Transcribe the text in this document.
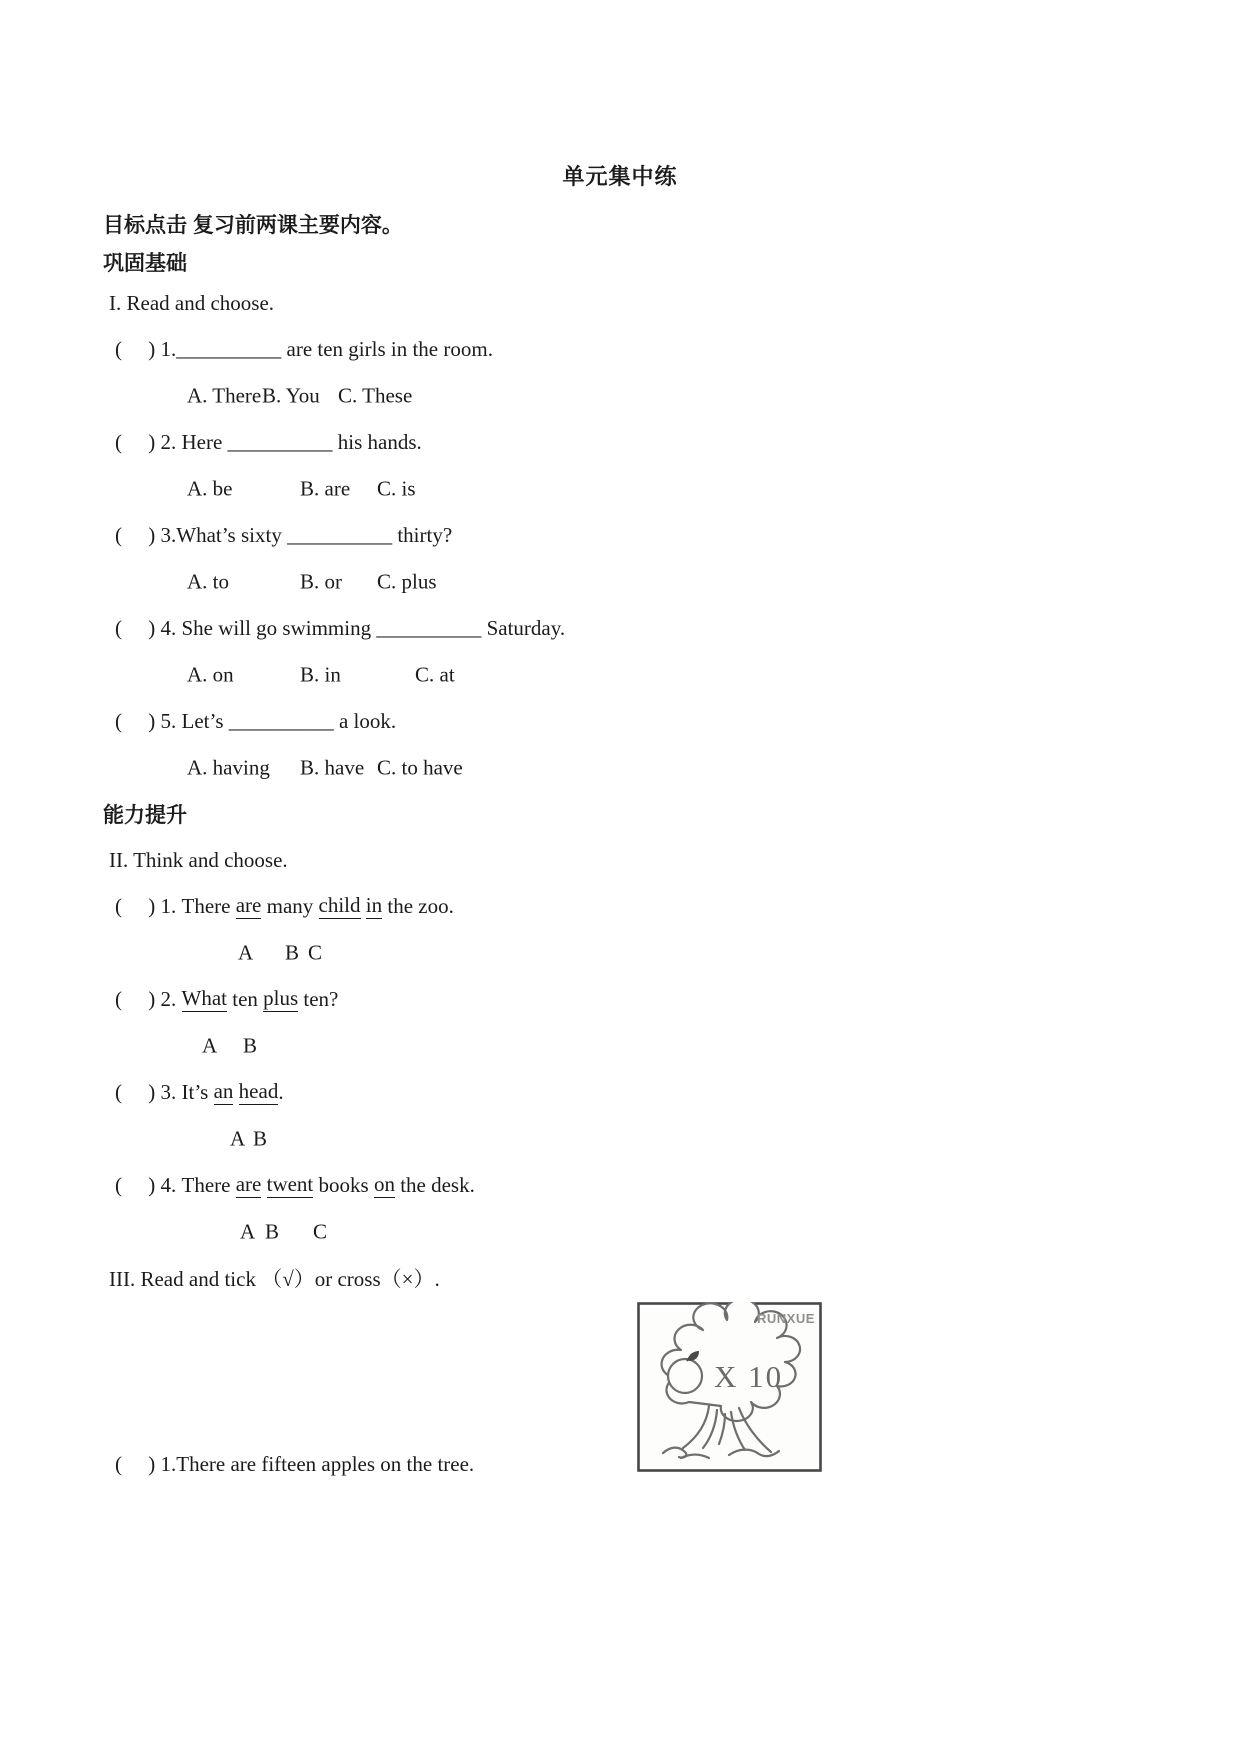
单元集中练
目标点击 复习前两课主要内容。
巩固基础
I. Read and choose.
(     ) 1. __________ are ten girls in the room.
A. There B. You C. These
(     ) 2. Here __________ his hands.
A. be	B. are C. is
(     ) 3. What’s sixty __________ thirty?
A. to	B. or C. plus
(     ) 4. She will go swimming __________ Saturday.
A. on	B. in	C. at
(     ) 5. Let’s __________ a look.
A. having B. have C. to have
能力提升
II. Think and choose.
(     ) 1. There are many child
in the zoo.
A B C
(     ) 2. What ten plus ten?
A B
(     ) 3. It’s an
head .
A B
(     ) 4. There are
twent books on the desk.
A B C
III. Read and tick （√）or cross（×）.
X 10
RUNXUE
(     ) 1. There are fifteen apples on the tree.
